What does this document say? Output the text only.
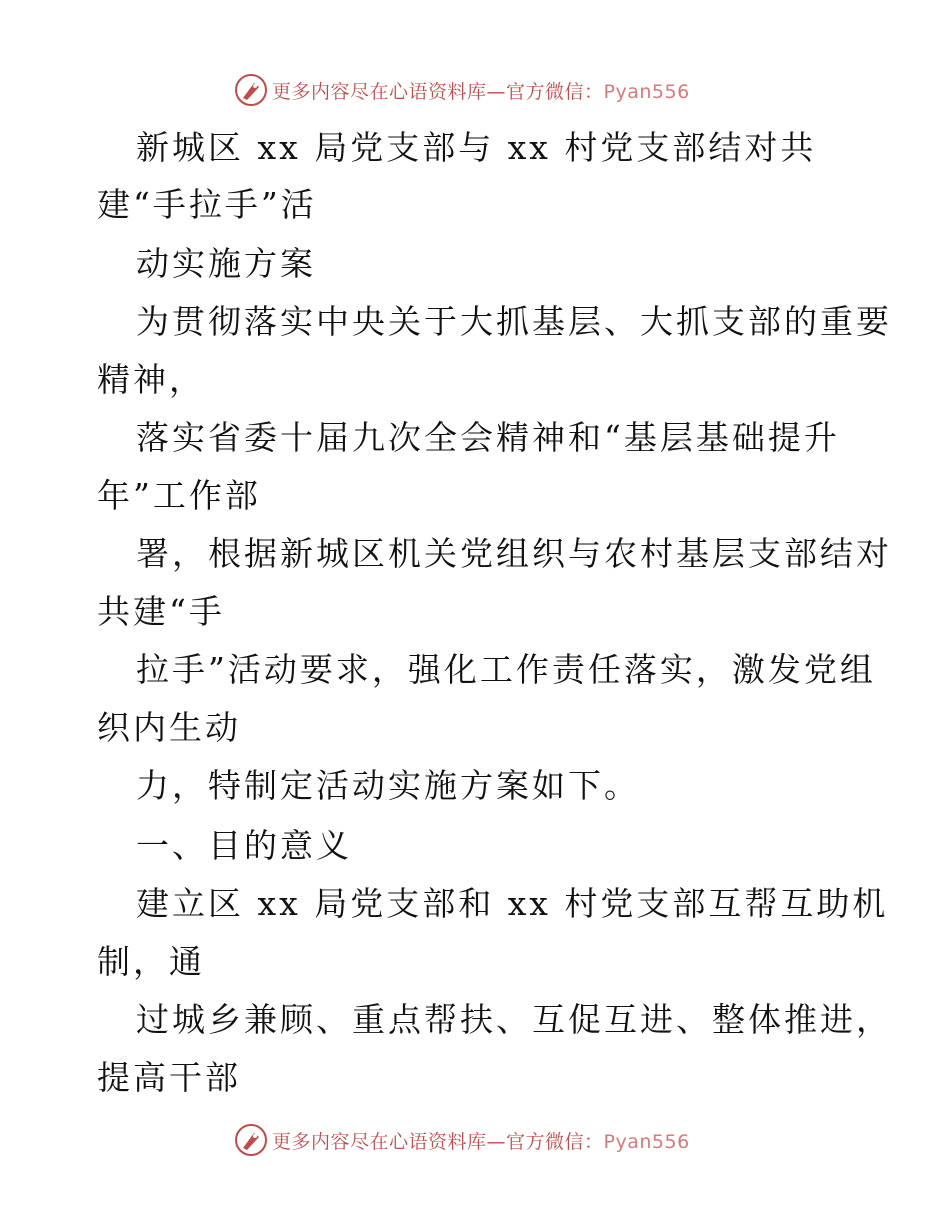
更多内容尽在心语资料库—官方微信：Pyan556
新城区 xx 局党支部与 xx 村党支部结对共
建“手拉手”活
动实施方案
为贯彻落实中央关于大抓基层、大抓支部的重要
精神，
落实省委十届九次全会精神和“基层基础提升
年”工作部
署，根据新城区机关党组织与农村基层支部结对
共建“手
拉手”活动要求，强化工作责任落实，激发党组
织内生动
力，特制定活动实施方案如下。
一、目的意义
建立区 xx 局党支部和 xx 村党支部互帮互助机
制，通
过城乡兼顾、重点帮扶、互促互进、整体推进，
提高干部
更多内容尽在心语资料库—官方微信：Pyan556
